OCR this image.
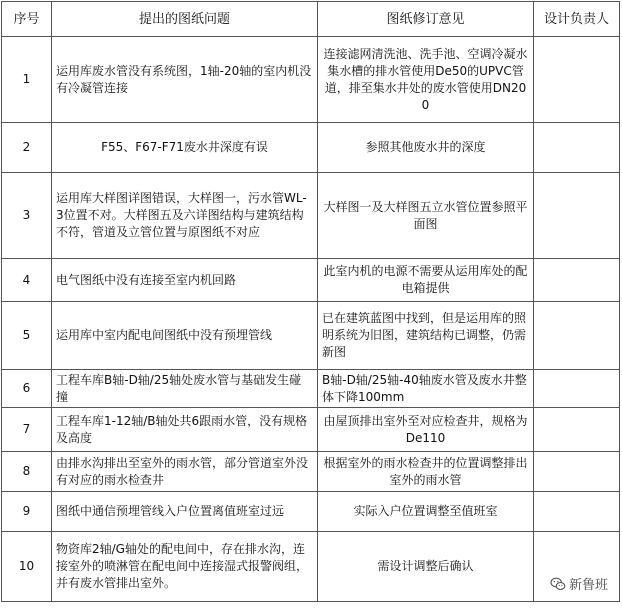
序号	提出的图纸问题	图纸修订意见	设计负责人
1	运用库废水管没有系统图，1轴-20轴的室内机没有冷凝管连接	连接滤网清洗池、洗手池、空调冷凝水集水槽的排水管使用De50的UPVC管道，排至集水井处的废水管使用DN200	
2	F55、F67-F71废水井深度有误	参照其他废水井的深度	
3	运用库大样图详图错误，大样图一，污水管WL-3位置不对。大样图五及六详图结构与建筑结构不符，管道及立管位置与原图纸不对应	大样图一及大样图五立水管位置参照平面图	
4	电气图纸中没有连接至室内机回路	此室内机的电源不需要从运用库处的配电箱提供	
5	运用库中室内配电间图纸中没有预埋管线	已在建筑蓝图中找到，但是运用库的照明系统为旧图，建筑结构已调整，仍需新图	
6	工程车库B轴-D轴/25轴处废水管与基础发生碰撞	B轴-D轴/25轴-40轴废水管及废水井整体下降100mm	
7	工程车库1-12轴/B轴处共6跟雨水管，没有规格及高度	由屋顶排出室外至对应检查井，规格为De110	
8	由排水沟排出至室外的雨水管，部分管道室外没有对应的雨水检查井	根据室外的雨水检查井的位置调整排出室外的雨水管	
9	图纸中通信预埋管线入户位置离值班室过远	实际入户位置调整至值班室	
10	物资库2轴/G轴处的配电间中，存在排水沟，连接室外的喷淋管在配电间中连接湿式报警阀组，并有废水管排出室外。	需设计调整后确认	
新鲁班
